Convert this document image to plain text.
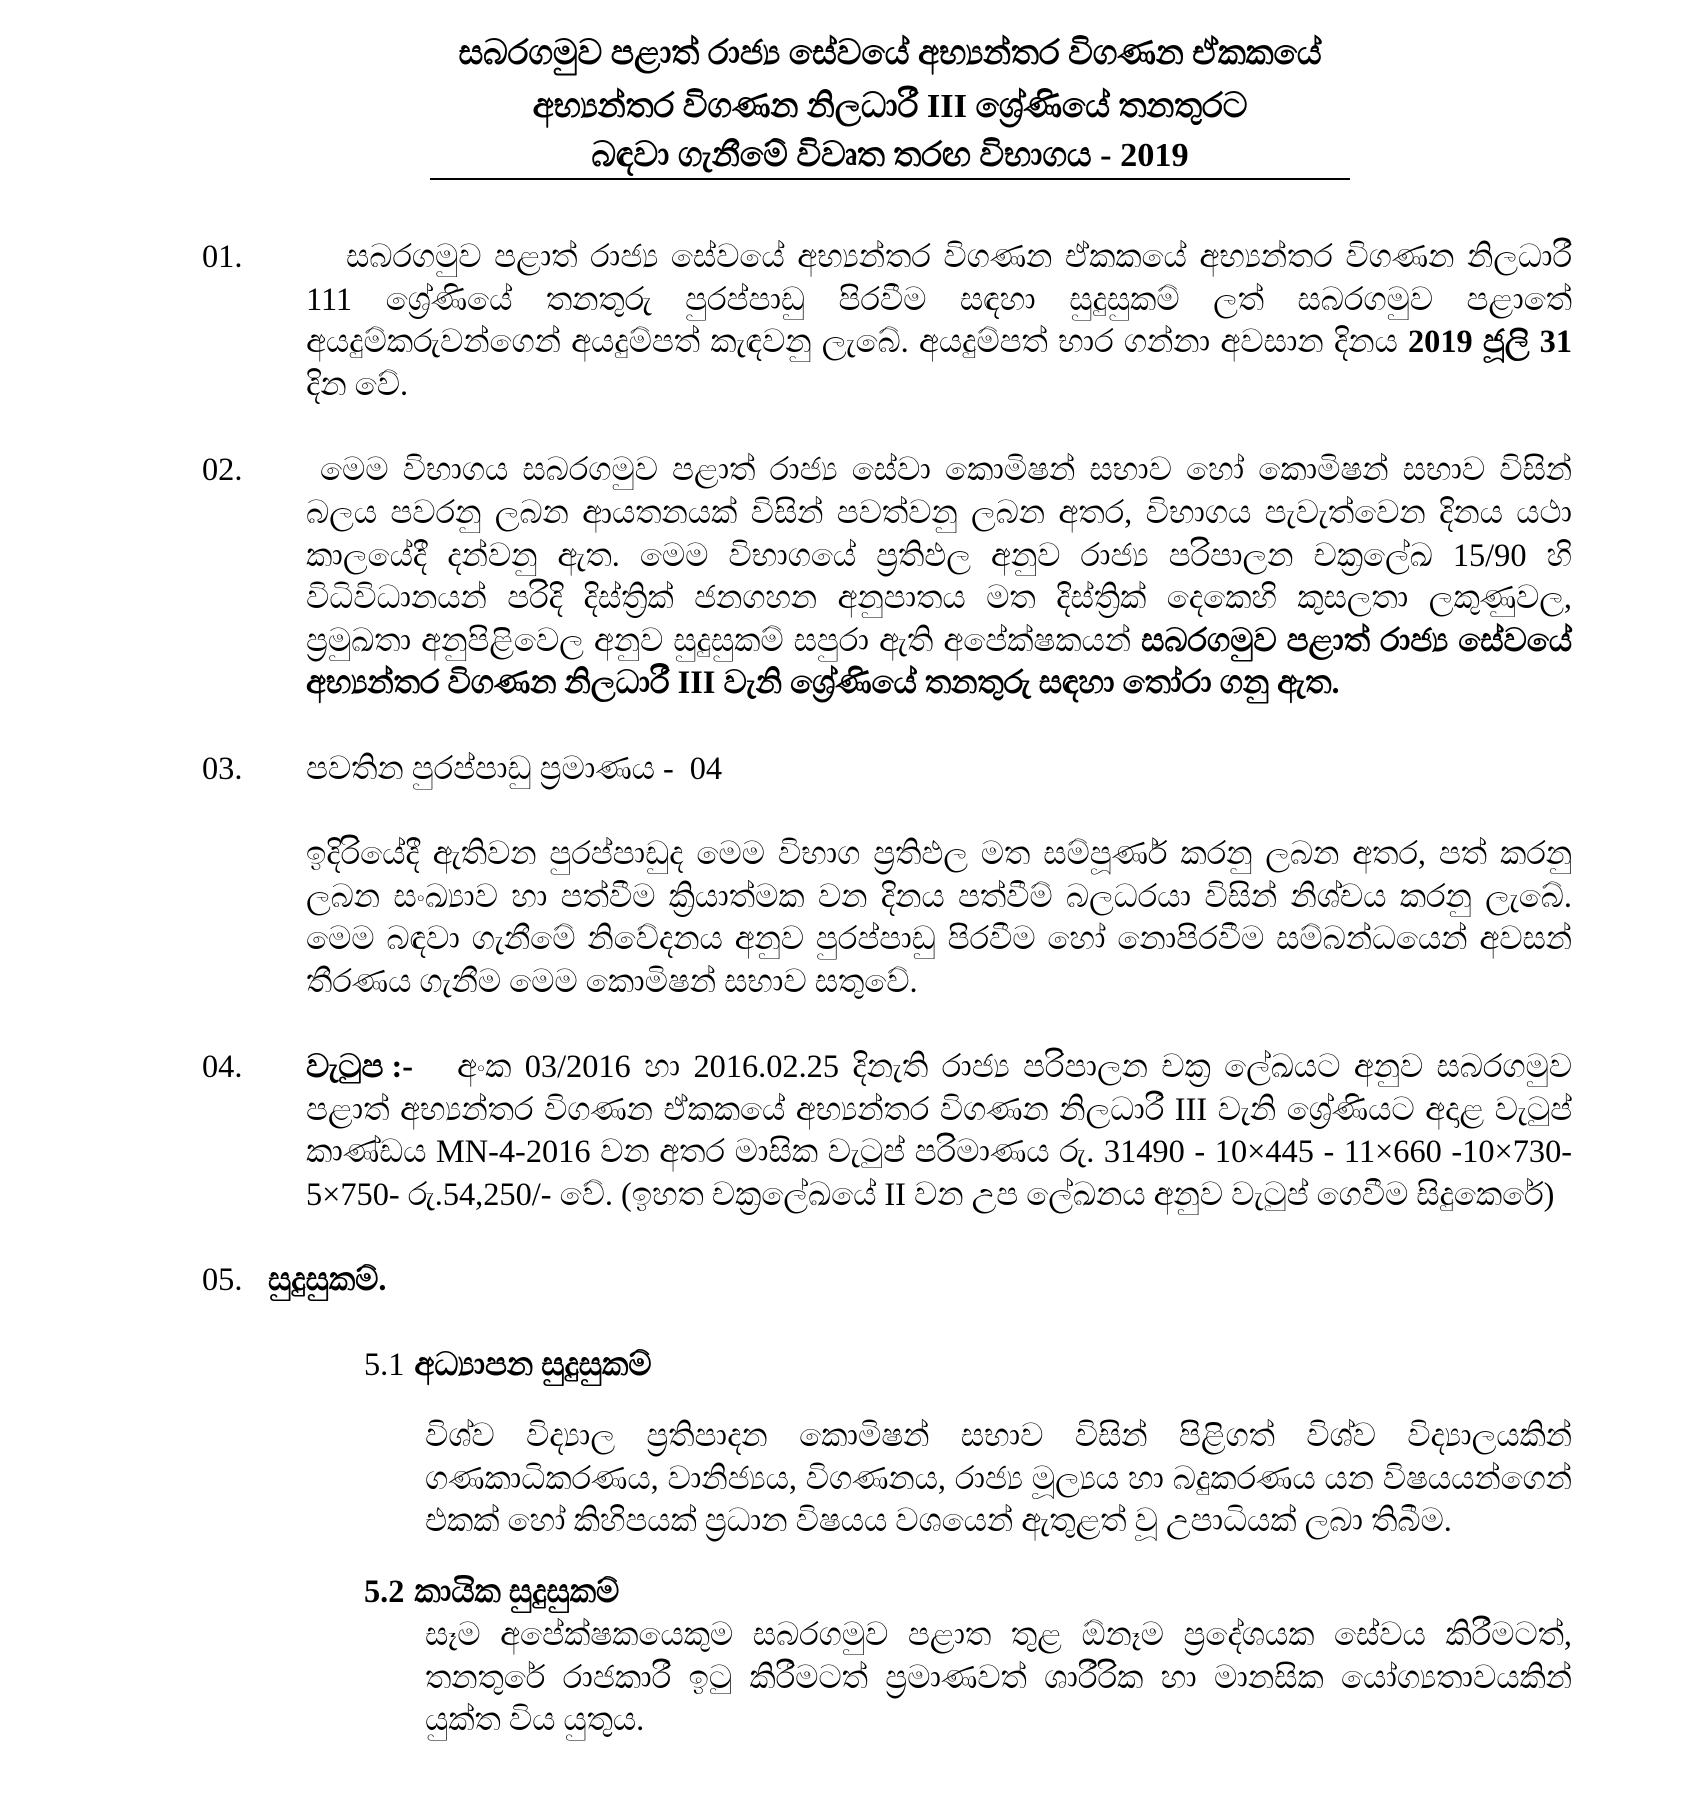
සබරගමුව පළාත් රාජ්‍ය සේවයේ අභ්‍යන්තර විගණන ඒකකයේ
අභ්‍යන්තර විගණන නිලධාරී III ශ්‍රේණියේ තනතුරට
බඳවා ගැනීමේ විවෘත තරඟ විභාගය - 2019
01.	සබරගමුව පළාත් රාජ්‍ය සේවයේ අභ්‍යන්තර විගණන ඒකකයේ අභ්‍යන්තර විගණන නිලධාරී 111 ශ්‍රේණියේ තනතුරු පුරප්පාඩු පිරවීම සඳහා සුදුසුකම් ලත් සබරගමුව පළාතේ අයදුම්කරුවන්ගෙන් අයදුම්පත් කැඳවනු ලැබේ. අයදුම්පත් භාර ගන්නා අවසාන දිනය 2019 ජූලි 31 දින වේ.

02.	මෙම විභාගය සබරගමුව පළාත් රාජ්‍ය සේවා කොමිෂන් සභාව හෝ කොමිෂන් සභාව විසින් බලය පවරනු ලබන ආයතනයක් විසින් පවත්වනු ලබන අතර, විභාගය පැවැත්වෙන දිනය යථා කාලයේදී දන්වනු ඇත. මෙම විභාගයේ ප්‍රතිඵල අනුව රාජ්‍ය පරිපාලන චක්‍රලේඛ 15/90 හි විධිවිධානයන් පරිදි දිස්ත්‍රික් ජනගහන අනුපාතය මත දිස්ත්‍රික් දෙකෙහි කුසලතා ලකුණුවල, ප්‍රමුඛතා අනුපිළිවෙල අනුව සුදුසුකම් සපුරා ඇති අපේක්ෂකයන් සබරගමුව පළාත් රාජ්‍ය සේවයේ අභ්‍යන්තර විගණන නිලධාරී III වැනි ශ්‍රේණියේ තනතුරු සඳහා තෝරා ගනු ඇත.

03.	පවතින පුරප්පාඩු ප්‍රමාණය - 04

ඉදිරියේදී ඇතිවන පුරප්පාඩුද මෙම විභාග ප්‍රතිඵල මත සම්පූර්ණ කරනු ලබන අතර, පත් කරනු ලබන සංඛ්‍යාව හා පත්වීම ක්‍රියාත්මක වන දිනය පත්වීම් බලධරයා විසින් නිශ්චය කරනු ලැබේ. මෙම බඳවා ගැනීමේ නිවේදනය අනුව පුරප්පාඩු පිරවීම හෝ නොපිරවීම සම්බන්ධයෙන් අවසන් තීරණය ගැනීම මෙම කොමිෂන් සභාව සතුවේ.

04.	වැටුප :- අංක 03/2016 හා 2016.02.25 දිනැති රාජ්‍ය පරිපාලන චක්‍ර ලේඛයට අනුව සබරගමුව පළාත් අභ්‍යන්තර විගණන ඒකකයේ අභ්‍යන්තර විගණන නිලධාරී III වැනි ශ්‍රේණියට අදාළ වැටුප් කාණ්ඩය MN-4-2016 වන අතර මාසික වැටුප් පරිමාණය රු. 31490 - 10×445 - 11×660 -10×730-5×750- රු.54,250/- වේ. (ඉහත චක්‍රලේඛයේ II වන උප ලේඛනය අනුව වැටුප් ගෙවීම සිදුකෙරේ)

05. සුදුසුකම්.
5.1 අධ්‍යාපන සුදුසුකම්

විශ්ව විද්‍යාල ප්‍රතිපාදන කොමිෂන් සභාව විසින් පිළිගත් විශ්ව විද්‍යාලයකින් ගණකාධිකරණය, වානිජ්‍යය, විගණනය, රාජ්‍ය මූල්‍යය හා බදුකරණය යන විෂයයන්ගෙන් එකක් හෝ කිහිපයක් ප්‍රධාන විෂයය වශයෙන් ඇතුළත් වූ උපාධියක් ලබා තිබීම.

5.2 කායික සුදුසුකම්

සෑම අපේක්ෂකයෙකුම සබරගමුව පළාත තුළ ඕනෑම ප්‍රදේශයක සේවය කිරීමටත්, තනතුරේ රාජකාරී ඉටු කිරීමටත් ප්‍රමාණවත් ශාරීරික හා මානසික යෝග්‍යතාවයකින් යුක්ත විය යුතුය.
